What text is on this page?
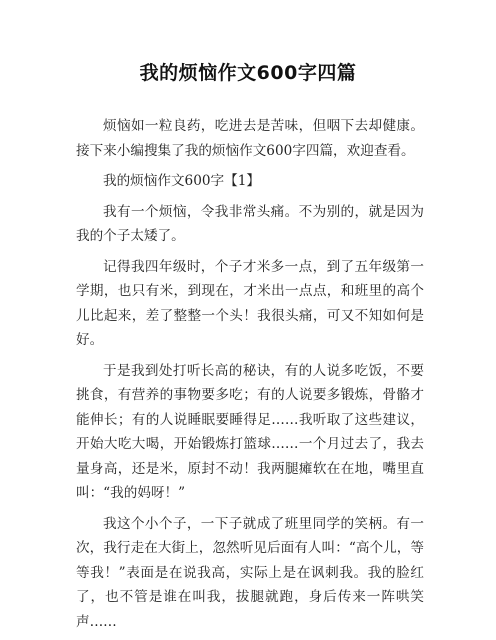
我的烦恼作文600字四篇

烦恼如一粒良药，吃进去是苦味，但咽下去却健康。接下来小编搜集了我的烦恼作文600字四篇，欢迎查看。

我的烦恼作文600字【1】

我有一个烦恼，令我非常头痛。不为别的，就是因为我的个子太矮了。

记得我四年级时，个子才米多一点，到了五年级第一学期，也只有米，到现在，才米出一点点，和班里的高个儿比起来，差了整整一个头！我很头痛，可又不知如何是好。

于是我到处打听长高的秘诀，有的人说多吃饭，不要挑食，有营养的事物要多吃；有的人说要多锻炼，骨骼才能伸长；有的人说睡眠要睡得足……我听取了这些建议，开始大吃大喝，开始锻炼打篮球……一个月过去了，我去量身高，还是米，原封不动！我两腿瘫软在在地，嘴里直叫：“我的妈呀！”

我这个小个子，一下子就成了班里同学的笑柄。有一次，我行走在大街上，忽然听见后面有人叫：“高个儿，等等我！”表面是在说我高，实际上是在讽刺我。我的脸红了，也不管是谁在叫我，拔腿就跑，身后传来一阵哄笑声……
